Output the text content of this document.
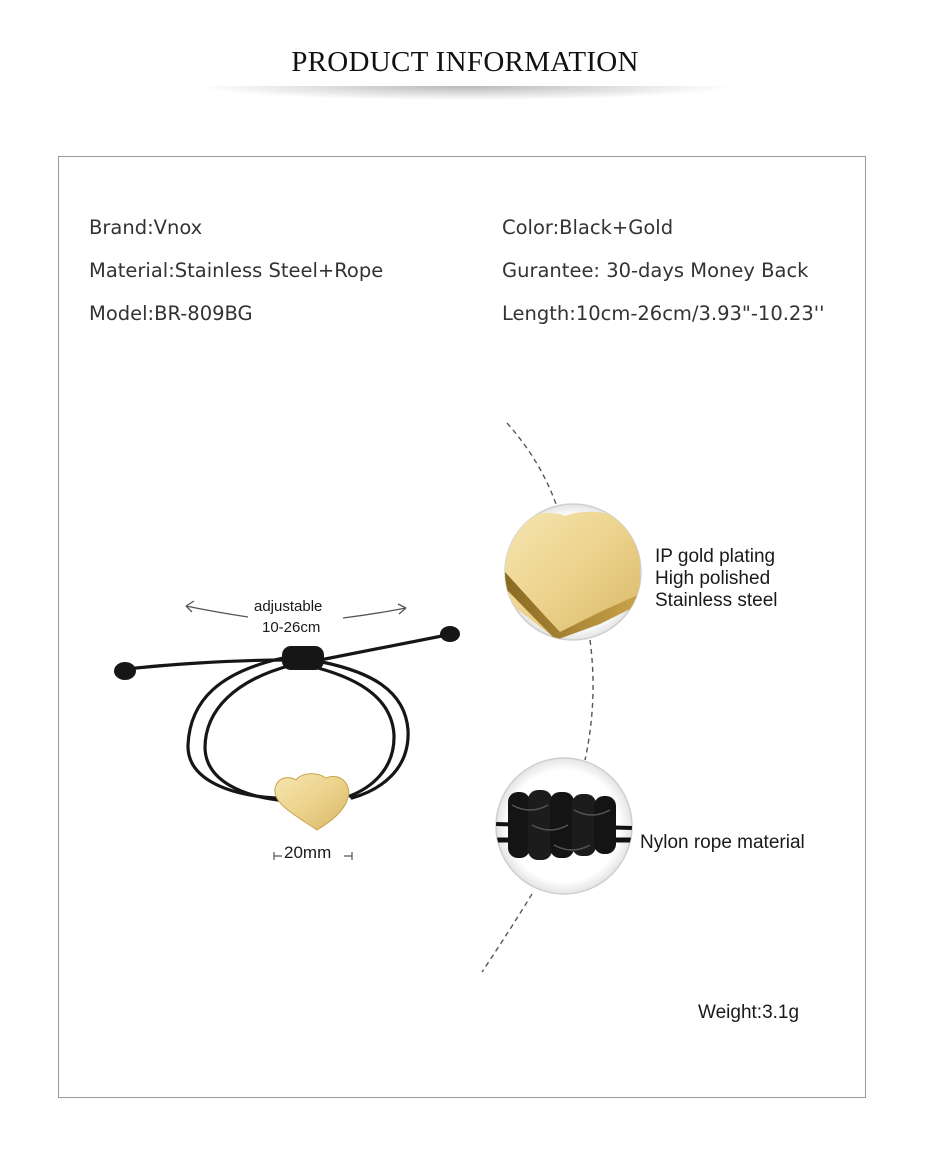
PRODUCT INFORMATION
Brand:Vnox
Material:Stainless Steel+Rope
Model:BR-809BG
Color:Black+Gold
Gurantee: 30-days Money Back
Length:10cm-26cm/3.93"-10.23''
adjustable
10-26cm
20mm
IP gold plating
High polished
Stainless steel
Nylon rope material
Weight:3.1g
